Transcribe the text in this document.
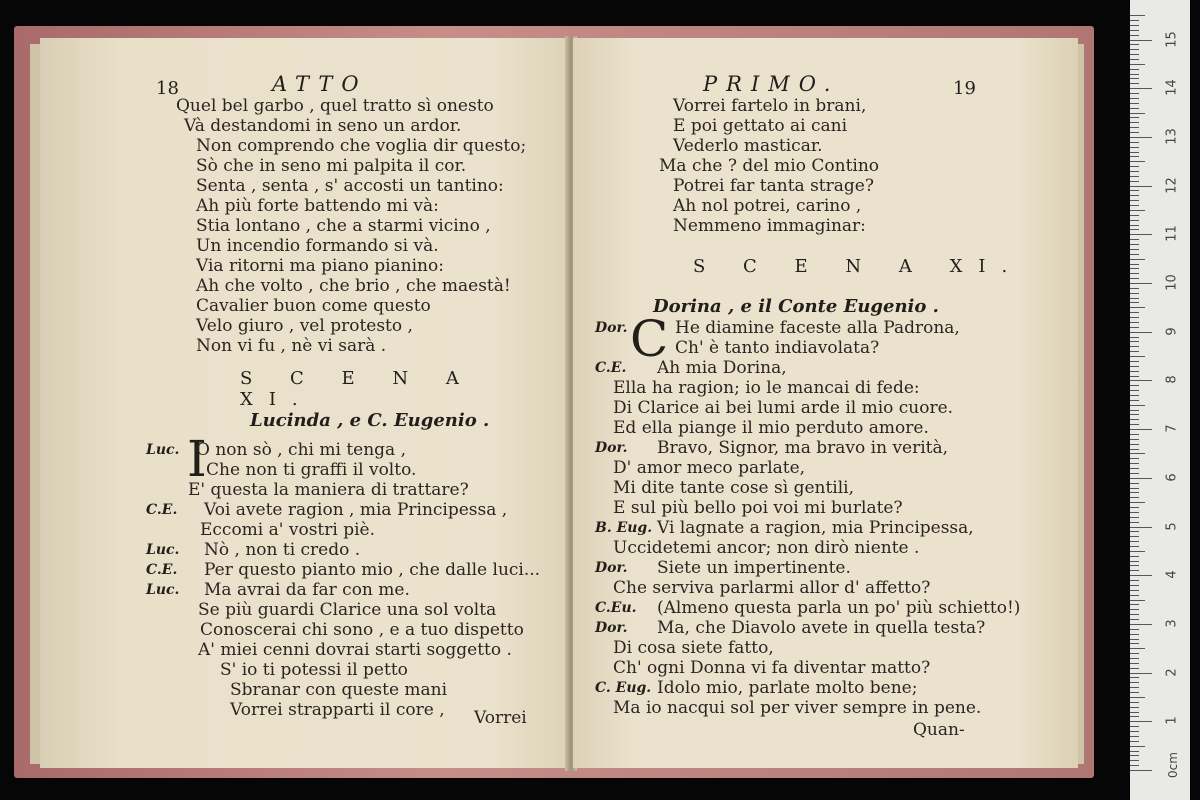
18	ATTO
Quel bel garbo , quel tratto sì onesto
Và destandomi in seno un ardor.
Non comprendo che voglia dir questo;
Sò che in seno mi palpita il cor.
Senta , senta , s' accosti un tantino:
Ah più forte battendo mi và:
Stia lontano , che a starmi vicino ,
Un incendio formando si và.
Via ritorni ma piano pianino:
Ah che volto , che brio , che maestà!
Cavalier buon come questo
Velo giuro , vel protesto ,
Non vi fu , nè vi sarà .
S C E N A XI.
Lucinda , e C. Eugenio .
I
Luc. O non sò , chi mi tenga ,
Che non ti graffi il volto.
E' questa la maniera di trattare?
C.E. Voi avete ragion , mia Principessa ,
Eccomi a' vostri piè.
Luc. Nò , non ti credo .
C.E. Per questo pianto mio , che dalle luci...
Luc. Ma avrai da far con me.
Se più guardi Clarice una sol volta
Conoscerai chi sono , e a tuo dispetto
A' miei cenni dovrai starti soggetto .
S' io ti potessi il petto
Sbranar con queste mani
Vorrei strapparti il core , Vorrei
PRIMO.	19
Vorrei fartelo in brani,
E poi gettato ai cani
Vederlo masticar.
Ma che ? del mio Contino
Potrei far tanta strage?
Ah nol potrei, carino ,
Nemmeno immaginar:
S C E N A XI.
Dorina , e il Conte Eugenio .
C
Dor.	He diamine faceste alla Padrona,
Ch' è tanto indiavolata?
C.E. Ah mia Dorina,
Ella ha ragion; io le mancai di fede:
Di Clarice ai bei lumi arde il mio cuore.
Ed ella piange il mio perduto amore.
Dor. Bravo, Signor, ma bravo in verità,
D' amor meco parlate,
Mi dite tante cose sì gentili,
E sul più bello poi voi mi burlate?
B. Eug. Vi lagnate a ragion, mia Principessa,
Uccidetemi ancor; non dirò niente .
Dor. Siete un impertinente.
Che serviva parlarmi allor d' affetto?
C.Eu. (Almeno questa parla un po' più schietto!)
Dor. Ma, che Diavolo avete in quella testa?
Di cosa siete fatto,
Ch' ogni Donna vi fa diventar matto?
C. Eug. Idolo mio, parlate molto bene;
Ma io nacqui sol per viver sempre in pene.
Quan-	1
2
3
4
5
6
7
8
9
10
11
12
13
14
15
0cm
